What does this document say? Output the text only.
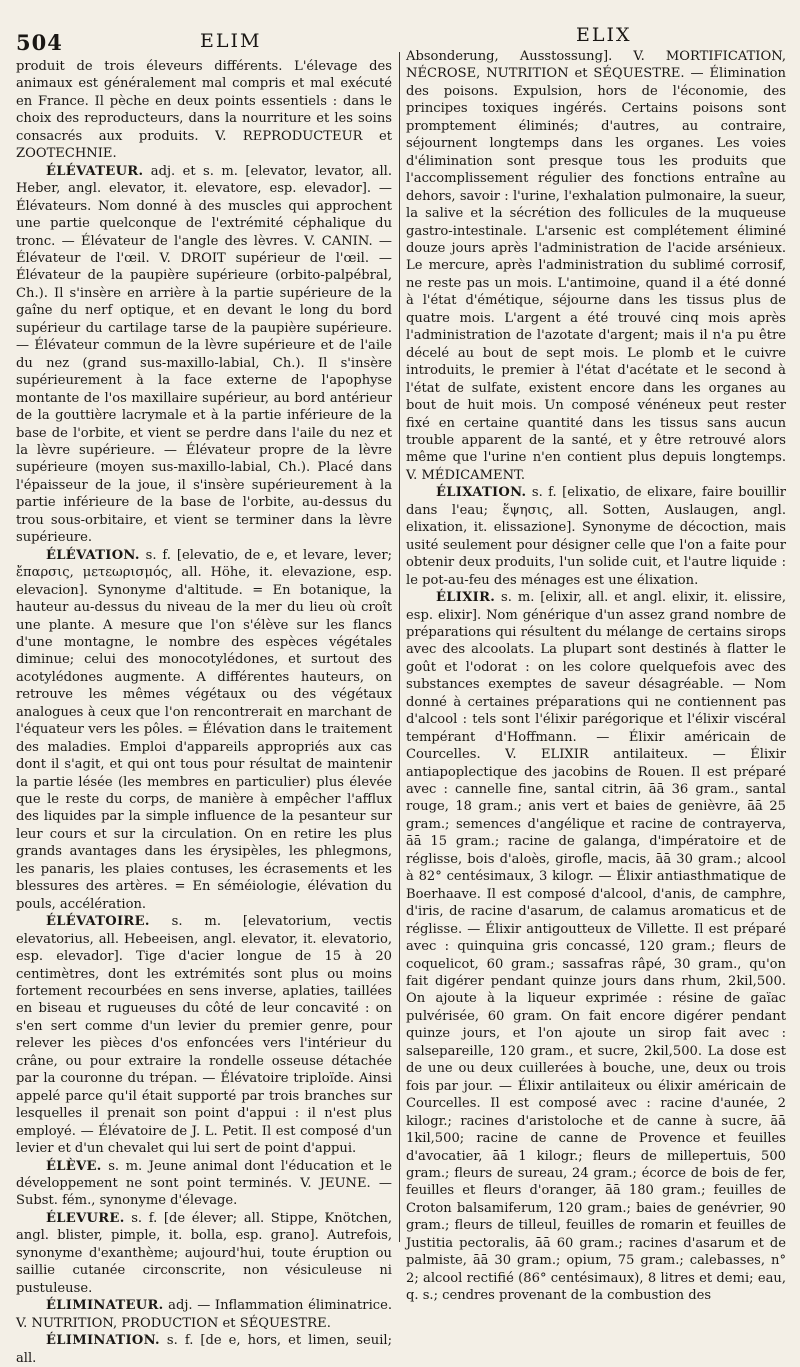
504	ELIM	ELIX

produit de trois éleveurs différents. L'élevage des animaux est généralement mal compris et mal exécuté en France. Il pèche en deux points essentiels : dans le choix des reproducteurs, dans la nourriture et les soins consacrés aux produits. V. REPRODUCTEUR et ZOOTECHNIE.

ÉLÉVATEUR. adj. et s. m. [elevator, levator, all. Heber, angl. elevator, it. elevatore, esp. elevador]. — Élévateurs. Nom donné à des muscles qui approchent une partie quelconque de l'extrémité céphalique du tronc. — Élévateur de l'angle des lèvres. V. CANIN. — Élévateur de l'œil. V. DROIT supérieur de l'œil. — Élévateur de la paupière supérieure (orbito-palpébral, Ch.). Il s'insère en arrière à la partie supérieure de la gaîne du nerf optique, et en devant le long du bord supérieur du cartilage tarse de la paupière supérieure. — Élévateur commun de la lèvre supérieure et de l'aile du nez (grand sus-maxillo-labial, Ch.). Il s'insère supérieurement à la face externe de l'apophyse montante de l'os maxillaire supérieur, au bord antérieur de la gouttière lacrymale et à la partie inférieure de la base de l'orbite, et vient se perdre dans l'aile du nez et la lèvre supérieure. — Élévateur propre de la lèvre supérieure (moyen sus-maxillo-labial, Ch.). Placé dans l'épaisseur de la joue, il s'insère supérieurement à la partie inférieure de la base de l'orbite, au-dessus du trou sous-orbitaire, et vient se terminer dans la lèvre supérieure.

ÉLÉVATION. s. f. [elevatio, de e, et levare, lever; ἔπαρσις, μετεωρισμός, all. Höhe, it. elevazione, esp. elevacion]. Synonyme d'altitude. = En botanique, la hauteur au-dessus du niveau de la mer du lieu où croît une plante. A mesure que l'on s'élève sur les flancs d'une montagne, le nombre des espèces végétales diminue; celui des monocotylédones, et surtout des acotylédones augmente. A différentes hauteurs, on retrouve les mêmes végétaux ou des végétaux analogues à ceux que l'on rencontrerait en marchant de l'équateur vers les pôles. = Élévation dans le traitement des maladies. Emploi d'appareils appropriés aux cas dont il s'agit, et qui ont tous pour résultat de maintenir la partie lésée (les membres en particulier) plus élevée que le reste du corps, de manière à empêcher l'afflux des liquides par la simple influence de la pesanteur sur leur cours et sur la circulation. On en retire les plus grands avantages dans les érysipèles, les phlegmons, les panaris, les plaies contuses, les écrasements et les blessures des artères. = En séméiologie, élévation du pouls, accélération.

ÉLÉVATOIRE. s. m. [elevatorium, vectis elevatorius, all. Hebeeisen, angl. elevator, it. elevatorio, esp. elevador]. Tige d'acier longue de 15 à 20 centimètres, dont les extrémités sont plus ou moins fortement recourbées en sens inverse, aplaties, taillées en biseau et rugueuses du côté de leur concavité : on s'en sert comme d'un levier du premier genre, pour relever les pièces d'os enfoncées vers l'intérieur du crâne, ou pour extraire la rondelle osseuse détachée par la couronne du trépan. — Élévatoire triploïde. Ainsi appelé parce qu'il était supporté par trois branches sur lesquelles il prenait son point d'appui : il n'est plus employé. — Élévatoire de J. L. Petit. Il est composé d'un levier et d'un chevalet qui lui sert de point d'appui.

ÉLÈVE. s. m. Jeune animal dont l'éducation et le développement ne sont point terminés. V. JEUNE. — Subst. fém., synonyme d'élevage.

ÉLEVURE. s. f. [de élever; all. Stippe, Knötchen, angl. blister, pimple, it. bolla, esp. grano]. Autrefois, synonyme d'exanthème; aujourd'hui, toute éruption ou saillie cutanée circonscrite, non vésiculeuse ni pustuleuse.

ÉLIMINATEUR. adj. — Inflammation éliminatrice. V. NUTRITION, PRODUCTION et SÉQUESTRE.

ÉLIMINATION. s. f. [de e, hors, et limen, seuil; all.

Absonderung, Ausstossung]. V. MORTIFICATION, NÉCROSE, NUTRITION et SÉQUESTRE. — Élimination des poisons. Expulsion, hors de l'économie, des principes toxiques ingérés. Certains poisons sont promptement éliminés; d'autres, au contraire, séjournent longtemps dans les organes. Les voies d'élimination sont presque tous les produits que l'accomplissement régulier des fonctions entraîne au dehors, savoir : l'urine, l'exhalation pulmonaire, la sueur, la salive et la sécrétion des follicules de la muqueuse gastro-intestinale. L'arsenic est complétement éliminé douze jours après l'administration de l'acide arsénieux. Le mercure, après l'administration du sublimé corrosif, ne reste pas un mois. L'antimoine, quand il a été donné à l'état d'émétique, séjourne dans les tissus plus de quatre mois. L'argent a été trouvé cinq mois après l'administration de l'azotate d'argent; mais il n'a pu être décelé au bout de sept mois. Le plomb et le cuivre introduits, le premier à l'état d'acétate et le second à l'état de sulfate, existent encore dans les organes au bout de huit mois. Un composé vénéneux peut rester fixé en certaine quantité dans les tissus sans aucun trouble apparent de la santé, et y être retrouvé alors même que l'urine n'en contient plus depuis longtemps. V. MÉDICAMENT.

ÉLIXATION. s. f. [elixatio, de elixare, faire bouillir dans l'eau; ἕψησις, all. Sotten, Auslaugen, angl. elixation, it. elissazione]. Synonyme de décoction, mais usité seulement pour désigner celle que l'on a faite pour obtenir deux produits, l'un solide cuit, et l'autre liquide : le pot-au-feu des ménages est une élixation.

ÉLIXIR. s. m. [elixir, all. et angl. elixir, it. elissire, esp. elixir]. Nom générique d'un assez grand nombre de préparations qui résultent du mélange de certains sirops avec des alcoolats. La plupart sont destinés à flatter le goût et l'odorat : on les colore quelquefois avec des substances exemptes de saveur désagréable. — Nom donné à certaines préparations qui ne contiennent pas d'alcool : tels sont l'élixir parégorique et l'élixir viscéral tempérant d'Hoffmann. — Élixir américain de Courcelles. V. ELIXIR antilaiteux. — Élixir antiapoplectique des jacobins de Rouen. Il est préparé avec : cannelle fine, santal citrin, āā 36 gram., santal rouge, 18 gram.; anis vert et baies de genièvre, āā 25 gram.; semences d'angélique et racine de contrayerva, āā 15 gram.; racine de galanga, d'impératoire et de réglisse, bois d'aloès, girofle, macis, āā 30 gram.; alcool à 82° centésimaux, 3 kilogr. — Élixir antiasthmatique de Boerhaave. Il est composé d'alcool, d'anis, de camphre, d'iris, de racine d'asarum, de calamus aromaticus et de réglisse. — Élixir antigoutteux de Villette. Il est préparé avec : quinquina gris concassé, 120 gram.; fleurs de coquelicot, 60 gram.; sassafras râpé, 30 gram., qu'on fait digérer pendant quinze jours dans rhum, 2kil,500. On ajoute à la liqueur exprimée : résine de gaïac pulvérisée, 60 gram. On fait encore digérer pendant quinze jours, et l'on ajoute un sirop fait avec : salsepareille, 120 gram., et sucre, 2kil,500. La dose est de une ou deux cuillerées à bouche, une, deux ou trois fois par jour. — Élixir antilaiteux ou élixir américain de Courcelles. Il est composé avec : racine d'aunée, 2 kilogr.; racines d'aristoloche et de canne à sucre, āā 1kil,500; racine de canne de Provence et feuilles d'avocatier, āā 1 kilogr.; fleurs de millepertuis, 500 gram.; fleurs de sureau, 24 gram.; écorce de bois de fer, feuilles et fleurs d'oranger, āā 180 gram.; feuilles de Croton balsamiferum, 120 gram.; baies de genévrier, 90 gram.; fleurs de tilleul, feuilles de romarin et feuilles de Justitia pectoralis, āā 60 gram.; racines d'asarum et de palmiste, āā 30 gram.; opium, 75 gram.; calebasses, n° 2; alcool rectifié (86° centésimaux), 8 litres et demi; eau, q. s.; cendres provenant de la combustion des
